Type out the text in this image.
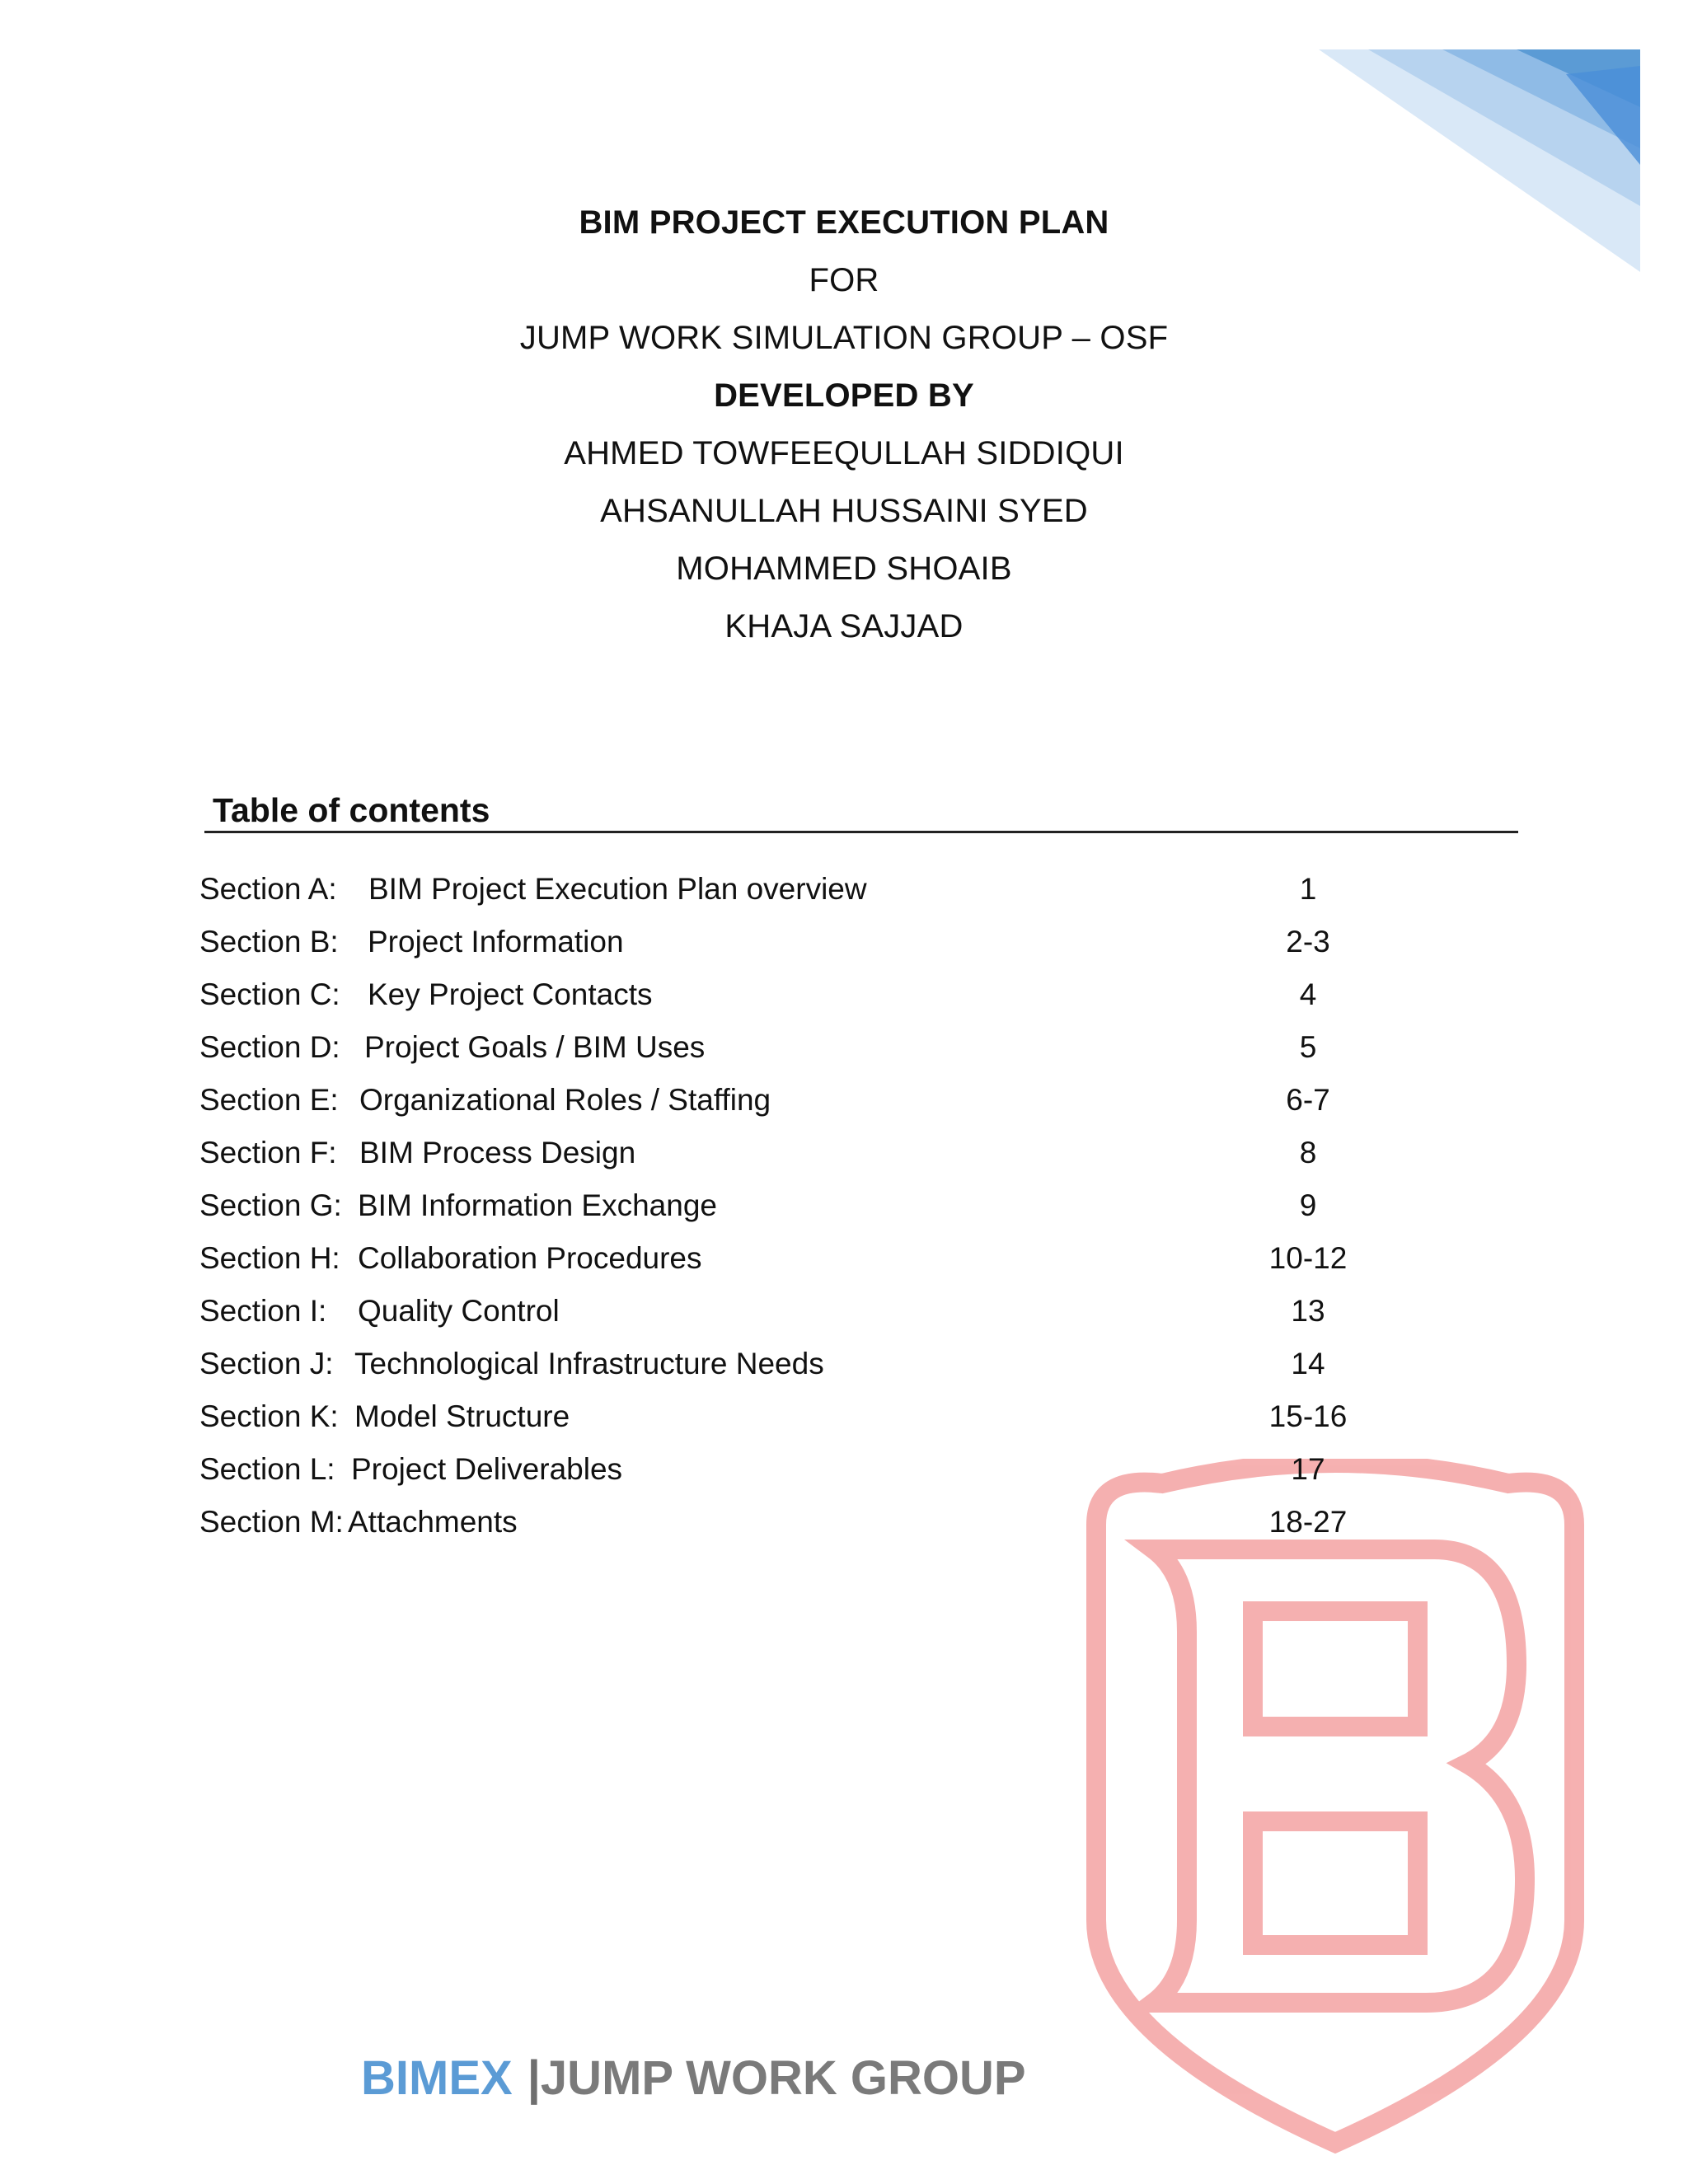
BIM PROJECT EXECUTION PLAN
FOR
JUMP WORK SIMULATION GROUP – OSF
DEVELOPED BY
AHMED TOWFEEQULLAH SIDDIQUI
AHSANULLAH HUSSAINI SYED
MOHAMMED SHOAIB
KHAJA SAJJAD
Table of contents
Section A: BIM Project Execution Plan overview	1
Section B: Project Information	2-3
Section C: Key Project Contacts	4
Section D: Project Goals / BIM Uses	5
Section E: Organizational Roles / Staffing	6-7
Section F: BIM Process Design	8
Section G: BIM Information Exchange	9
Section H: Collaboration Procedures	10-12
Section I: Quality Control	13
Section J: Technological Infrastructure Needs	14
Section K: Model Structure	15-16
Section L: Project Deliverables	17
Section M: Attachments	18-27
BIMEX |JUMP WORK GROUP
